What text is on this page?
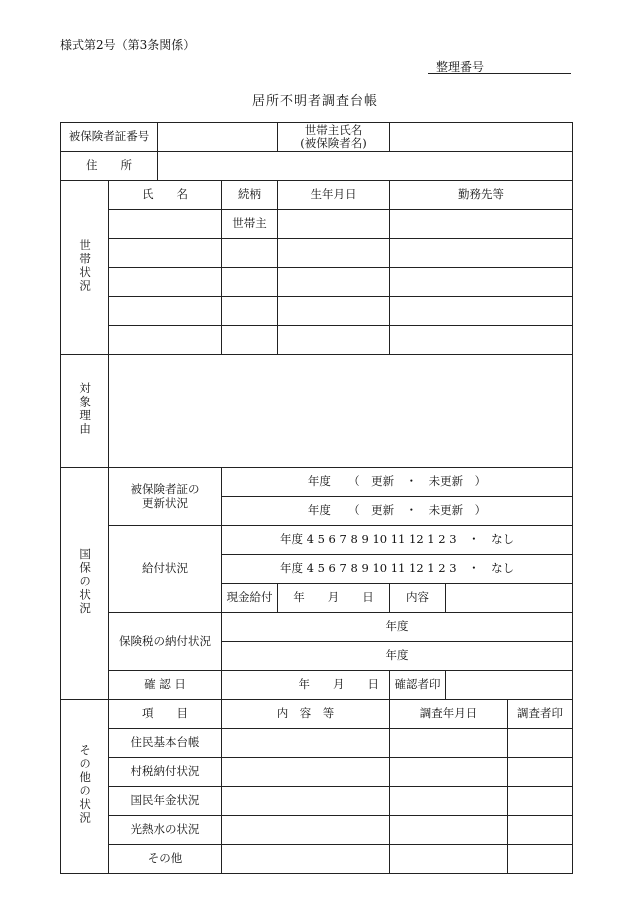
様式第2号（第3条関係）
整理番号
居所不明者調査台帳
被保険者証番号				世帯主氏名
(被保険者名)			

住　　所							
世帯状況	氏　　名		続柄	生年月日	勤務先等		
			世帯主				

対象理由							
国保の状況	被保険者証の
更新状況		年度　　（　更新　・　未更新　）				
			年度　　（　更新　・　未更新　）				
	給付状況		年度 4 5 6 7 8 9 10 11 12 1 2 3　・　なし				
			年度 4 5 6 7 8 9 10 11 12 1 2 3　・　なし				
			現金給付	年　　月　　日	内容		
	保険税の納付状況		年度				
			年度				
	確 認 日		年　　月　　日		確認者印		
その他の状況	項　　目		内　容　等		調査年月日		調査者印
	住民基本台帳						
	村税納付状況						
	国民年金状況						
	光熱水の状況						
	その他						
